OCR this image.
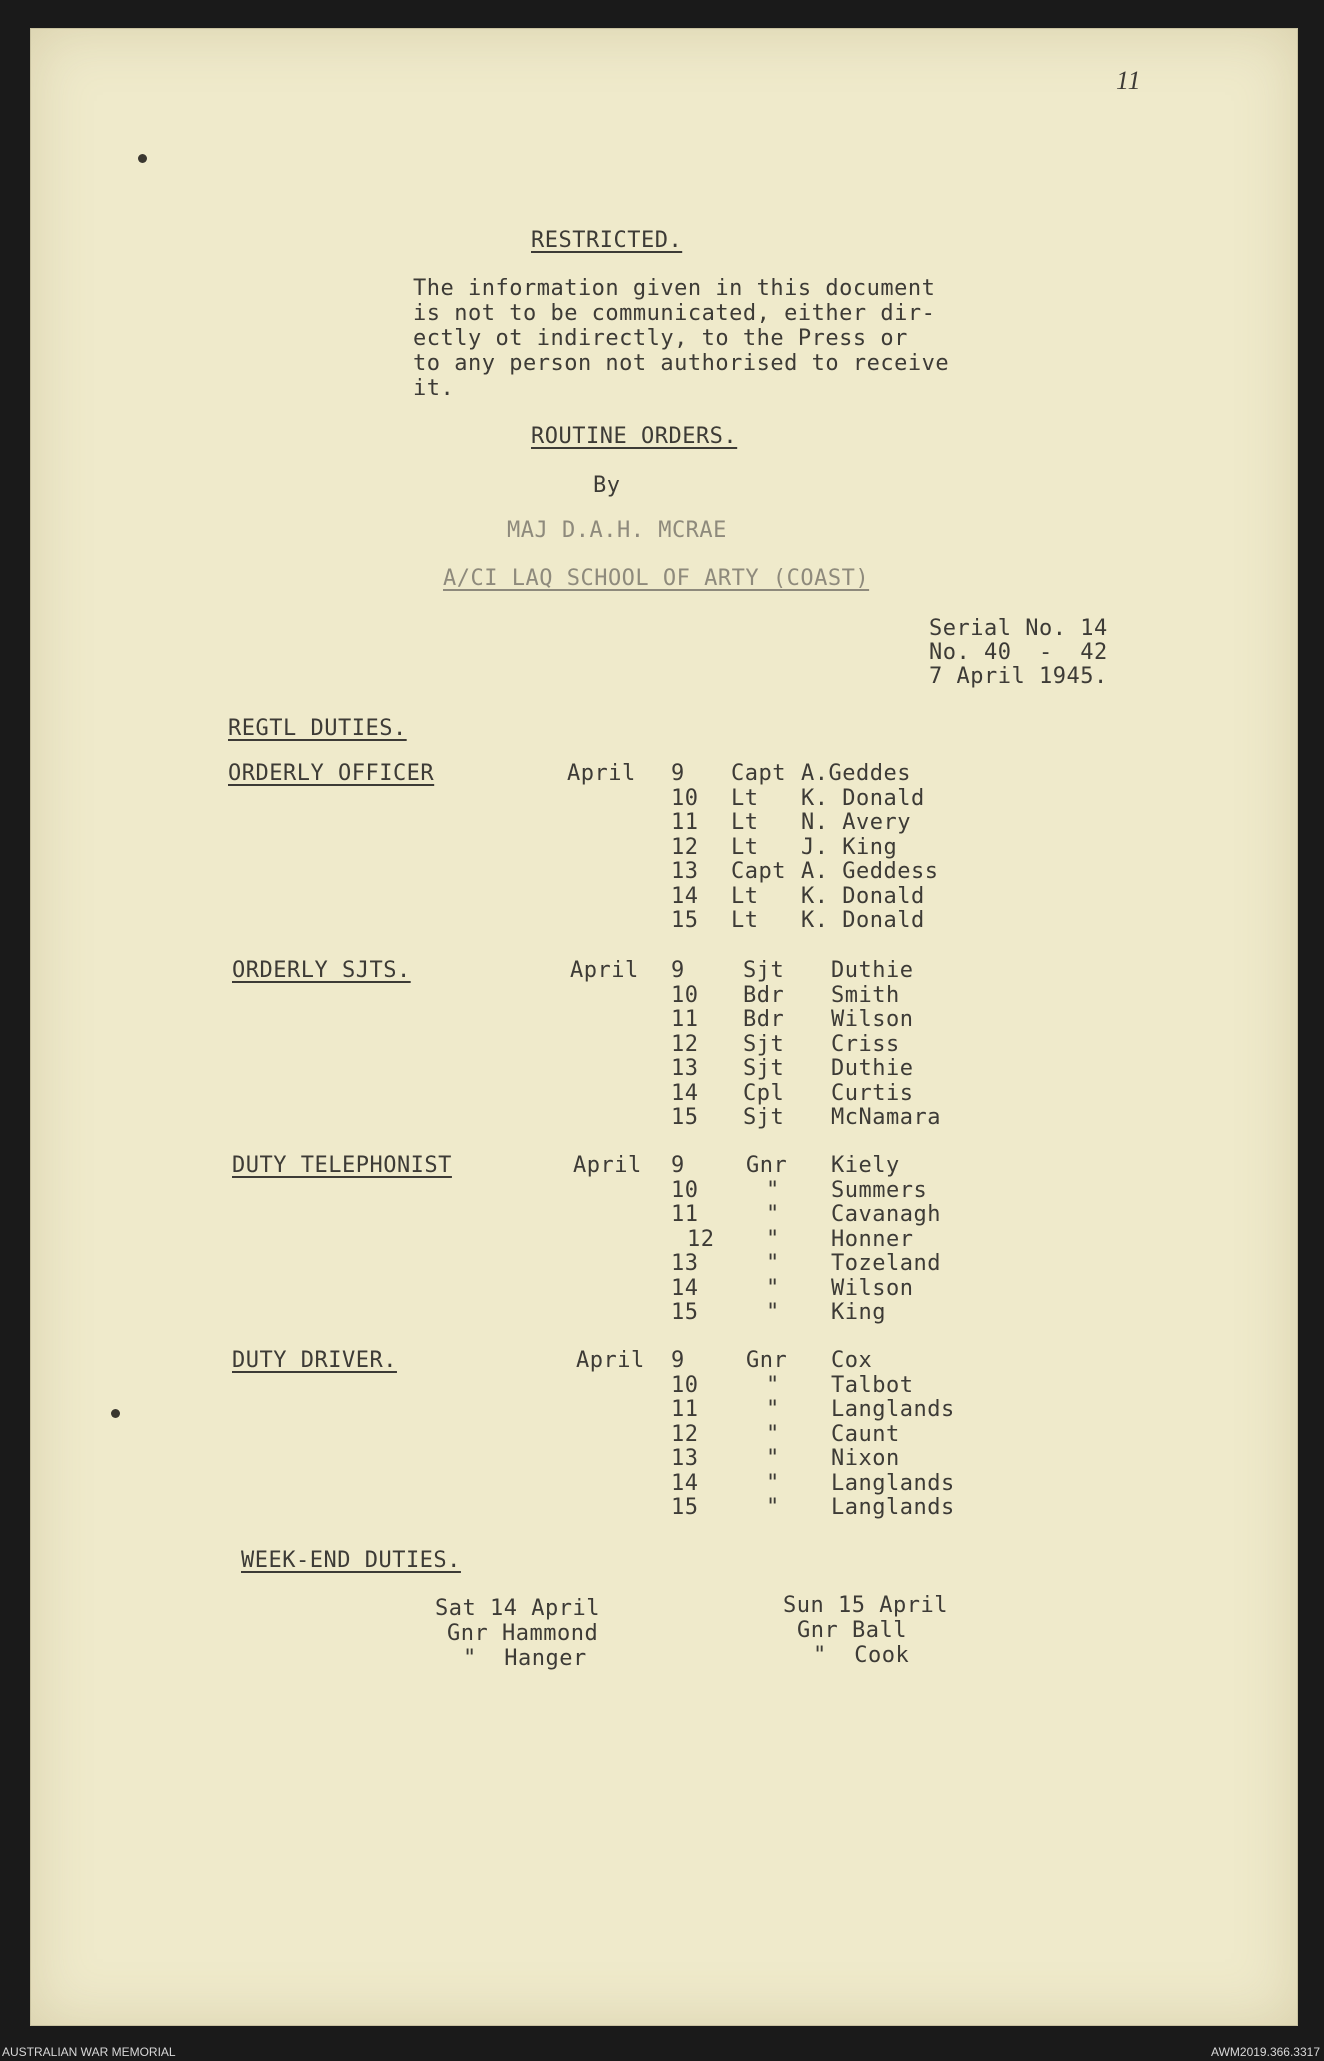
11
RESTRICTED.
The information given in this document
is not to be communicated, either dir-
ectly ot indirectly, to the Press or
to any person not authorised to receive
it.
ROUTINE ORDERS.
By
MAJ D.A.H. MCRAE
A/CI LAQ SCHOOL OF ARTY (COAST)
Serial No. 14
No. 40  -  42
7 April 1945.
REGTL DUTIES.
ORDERLY OFFICER	April 9 Capt A.Geddes
10 Lt K. Donald
11 Lt N. Avery
12 Lt J. King
13 Capt A. Geddess
14 Lt K. Donald
15 Lt K. Donald
ORDERLY SJTS.	April 9	Sjt Duthie
10 Bdr Smith
11 Bdr Wilson
12 Sjt Criss
13 Sjt Duthie
14 Cpl Curtis
15 Sjt McNamara
DUTY TELEPHONIST	April 9	Gnr Kiely
10	" Summers
11	" Cavanagh
12 " Honner
13	" Tozeland
14	" Wilson
15	" King
DUTY DRIVER.	April 9	Gnr Cox
10	" Talbot
11	" Langlands
12	" Caunt
13	" Nixon
14	" Langlands
15	" Langlands
WEEK-END DUTIES.
Sat 14 April
Gnr Hammond
"  Hanger
Sun 15 April
Gnr Ball
"  Cook
AUSTRALIAN WAR MEMORIAL	AWM2019.366.3317
